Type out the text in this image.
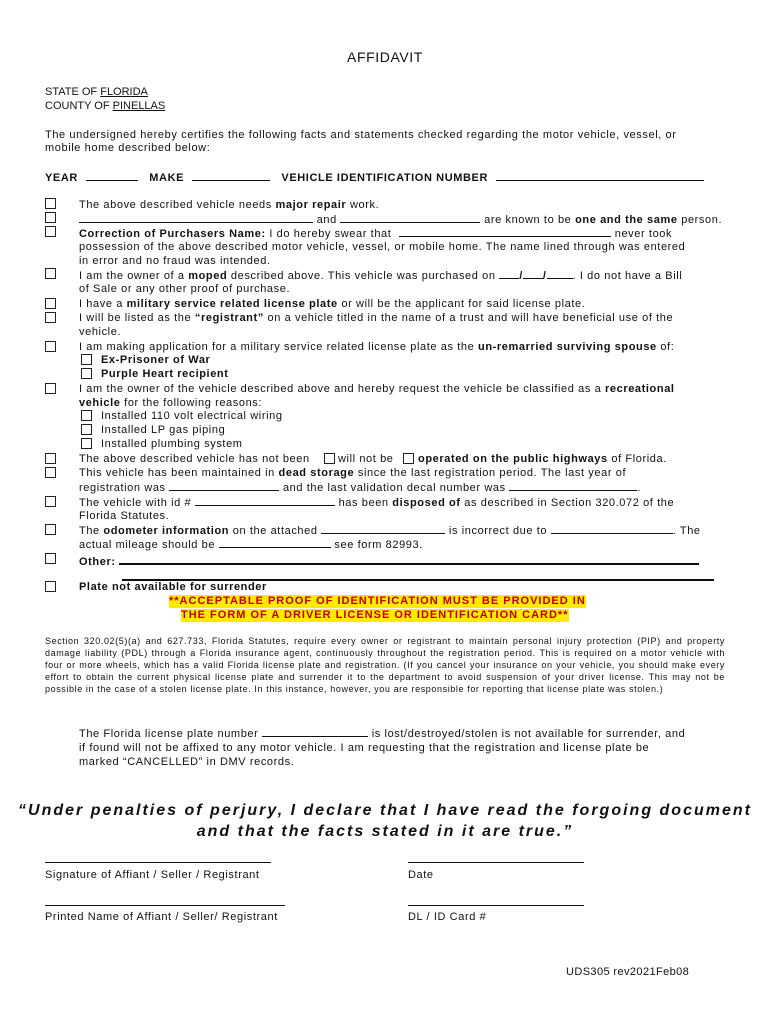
AFFIDAVIT
STATE OF FLORIDA
COUNTY OF PINELLAS
The undersigned hereby certifies the following facts and statements checked regarding the motor vehicle, vessel, or
mobile home described below:
YEAR	MAKE	VEHICLE IDENTIFICATION NUMBER
The above described vehicle needs major repair work.
and	are known to be one and the same person.
Correction of Purchasers Name: I do hereby swear that	never took
possession of the above described motor vehicle, vessel, or mobile home. The name lined through was entered
in error and no fraud was intended.
I am the owner of a moped described above. This vehicle was purchased on / / . I do not have a Bill
of Sale or any other proof of purchase.
I have a military service related license plate or will be the applicant for said license plate.
I will be listed as the “registrant” on a vehicle titled in the name of a trust and will have beneficial use of the
vehicle.
I am making application for a military service related license plate as the un-remarried surviving spouse of:
Ex-Prisoner of War
Purple Heart recipient
I am the owner of the vehicle described above and hereby request the vehicle be classified as a recreational
vehicle for the following reasons:
Installed 110 volt electrical wiring
Installed LP gas piping
Installed plumbing system
The above described vehicle has not been	will not be operated on the public highways of Florida.
This vehicle has been maintained in dead storage since the last registration period. The last year of
registration was	and the last validation decal number was	.
The vehicle with id #	has been disposed of as described in Section 320.072 of the
Florida Statutes.
The odometer information on the attached	is incorrect due to	. The
actual mileage should be	see form 82993.
Other:
Plate not available for surrender
**ACCEPTABLE PROOF OF IDENTIFICATION MUST BE PROVIDED IN
THE FORM OF A DRIVER LICENSE OR IDENTIFICATION CARD**
Section 320.02(5)(a) and 627.733, Florida Statutes, require every owner or registrant to maintain personal injury protection (PIP) and property damage liability (PDL) through a Florida insurance agent, continuously throughout the registration period. This is required on a motor vehicle with four or more wheels, which has a valid Florida license plate and registration. (If you cancel your insurance on your vehicle, you should make every effort to obtain the current physical license plate and surrender it to the department to avoid suspension of your driver license. This may not be possible in the case of a stolen license plate. In this instance, however, you are responsible for reporting that license plate was stolen.)
The Florida license plate number	is lost/destroyed/stolen is not available for surrender, and
if found will not be affixed to any motor vehicle. I am requesting that the registration and license plate be
marked “CANCELLED” in DMV records.
“Under penalties of perjury, I declare that I have read the forgoing document
and that the facts stated in it are true.”
Signature of Affiant / Seller / Registrant	Date
Printed Name of Affiant / Seller/ Registrant	DL / ID Card #
UDS305 rev2021Feb08
